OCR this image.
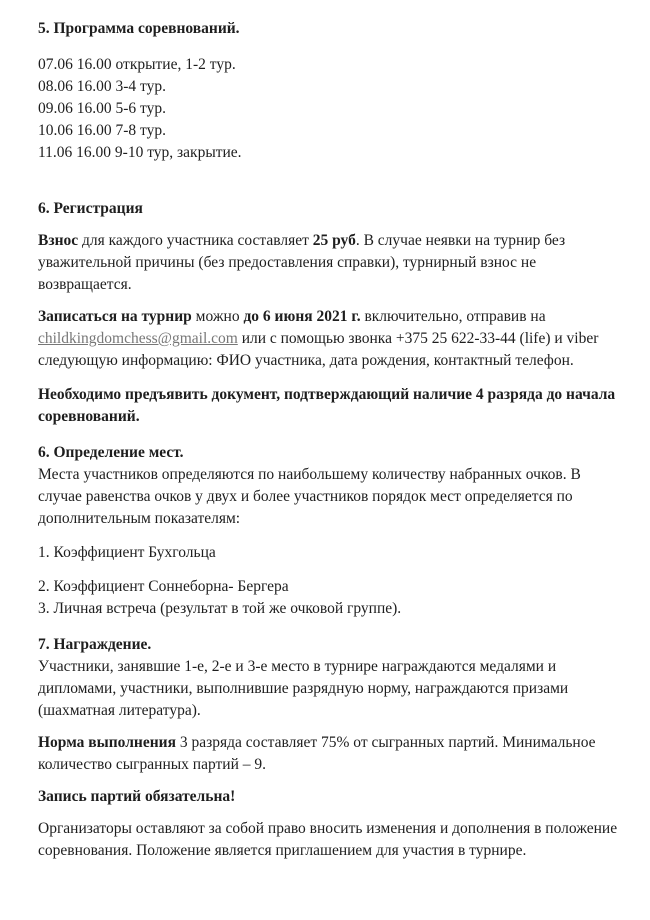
5. Программа соревнований.
07.06 16.00 открытие, 1-2 тур.
08.06 16.00 3-4 тур.
09.06 16.00 5-6 тур.
10.06 16.00 7-8 тур.
11.06 16.00 9-10 тур, закрытие.
6. Регистрация

Взнос для каждого участника составляет 25 руб. В случае неявки на турнир без уважительной причины (без предоставления справки), турнирный взнос не возвращается.

Записаться на турнир можно до 6 июня 2021 г. включительно, отправив на childkingdomchess@gmail.com или с помощью звонка +375 25 622-33-44 (life) и viber следующую информацию: ФИО участника, дата рождения, контактный телефон.

Необходимо предъявить документ, подтверждающий наличие 4 разряда до начала соревнований.

6. Определение мест.

Места участников определяются по наибольшему количеству набранных очков. В случае равенства очков у двух и более участников порядок мест определяется по дополнительным показателям:

1. Коэффициент Бухгольца
2. Коэффициент Соннеборна- Бергера
3. Личная встреча (результат в той же очковой группе).
7. Награждение.

Участники, занявшие 1-е, 2-е и 3-е место в турнире награждаются медалями и дипломами, участники, выполнившие разрядную норму, награждаются призами (шахматная литература).

Норма выполнения 3 разряда составляет 75% от сыгранных партий. Минимальное количество сыгранных партий – 9.

Запись партий обязательна!

Организаторы оставляют за собой право вносить изменения и дополнения в положение соревнования. Положение является приглашением для участия в турнире.
